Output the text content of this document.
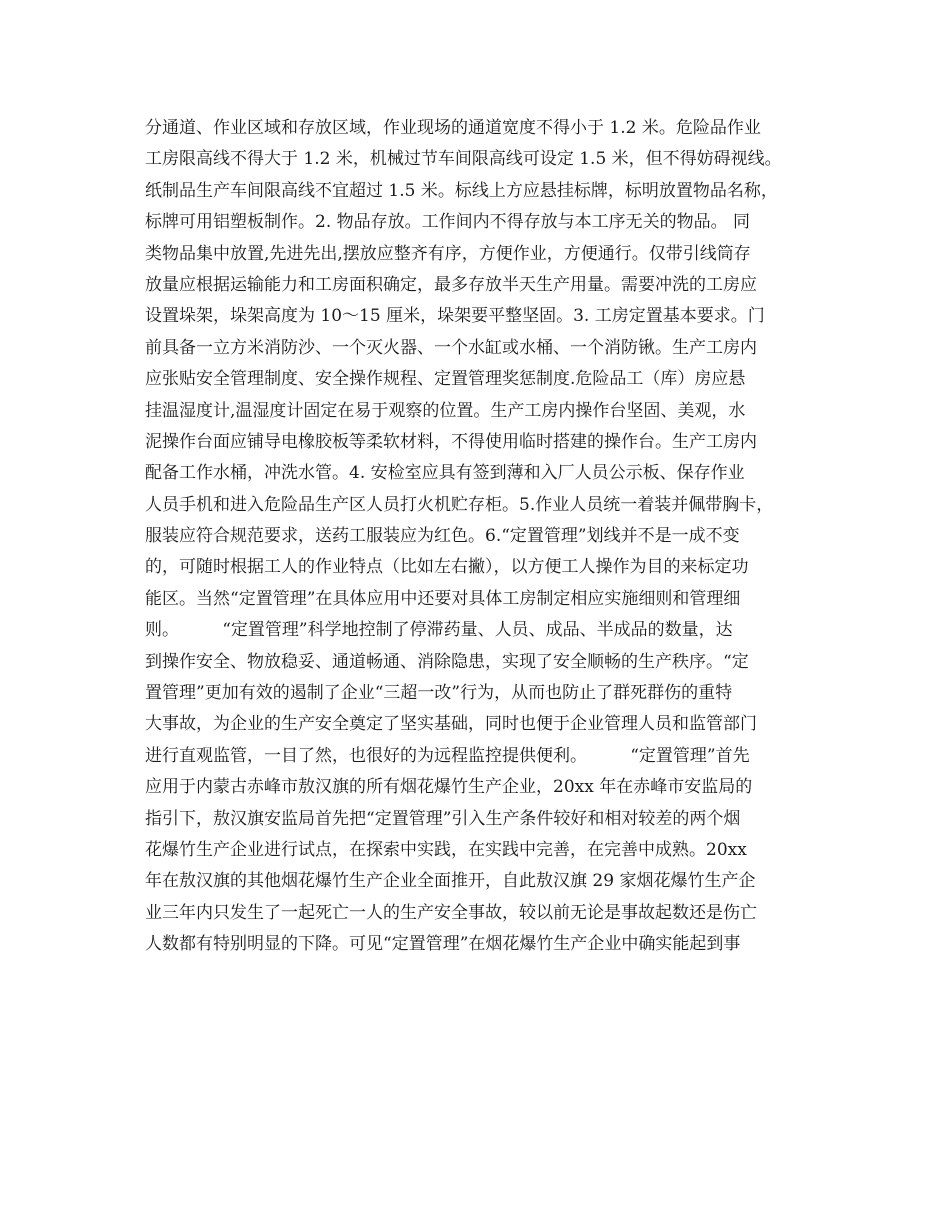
分通道、作业区域和存放区域，作业现场的通道宽度不得小于 1.2 米。危险品作业
工房限高线不得大于 1.2 米，机械过节车间限高线可设定 1.5 米，但不得妨碍视线。
纸制品生产车间限高线不宜超过 1.5 米。标线上方应悬挂标牌，标明放置物品名称，
标牌可用铝塑板制作。2. 物品存放。工作间内不得存放与本工序无关的物品。 同
类物品集中放置,先进先出,摆放应整齐有序，方便作业，方便通行。仅带引线筒存
放量应根据运输能力和工房面积确定，最多存放半天生产用量。需要冲洗的工房应
设置垛架，垛架高度为 10～15 厘米，垛架要平整坚固。3. 工房定置基本要求。门
前具备一立方米消防沙、一个灭火器、一个水缸或水桶、一个消防锹。生产工房内
应张贴安全管理制度、安全操作规程、定置管理奖惩制度.危险品工（库）房应悬
挂温湿度计,温湿度计固定在易于观察的位置。生产工房内操作台坚固、美观，水
泥操作台面应铺导电橡胶板等柔软材料，不得使用临时搭建的操作台。生产工房内
配备工作水桶，冲洗水管。4. 安检室应具有签到薄和入厂人员公示板、保存作业
人员手机和进入危险品生产区人员打火机贮存柜。5.作业人员统一着装并佩带胸卡，
服装应符合规范要求，送药工服装应为红色。6.“定置管理”划线并不是一成不变
的，可随时根据工人的作业特点（比如左右撇），以方便工人操作为目的来标定功
能区。当然“定置管理”在具体应用中还要对具体工房制定相应实施细则和管理细
则。        “定置管理”科学地控制了停滞药量、人员、成品、半成品的数量，达
到操作安全、物放稳妥、通道畅通、消除隐患，实现了安全顺畅的生产秩序。“定
置管理”更加有效的遏制了企业“三超一改”行为，从而也防止了群死群伤的重特
大事故，为企业的生产安全奠定了坚实基础，同时也便于企业管理人员和监管部门
进行直观监管，一目了然，也很好的为远程监控提供便利。        “定置管理”首先
应用于内蒙古赤峰市敖汉旗的所有烟花爆竹生产企业，20xx 年在赤峰市安监局的
指引下，敖汉旗安监局首先把“定置管理”引入生产条件较好和相对较差的两个烟
花爆竹生产企业进行试点，在探索中实践，在实践中完善，在完善中成熟。20xx
年在敖汉旗的其他烟花爆竹生产企业全面推开，自此敖汉旗 29 家烟花爆竹生产企
业三年内只发生了一起死亡一人的生产安全事故，较以前无论是事故起数还是伤亡
人数都有特别明显的下降。可见“定置管理”在烟花爆竹生产企业中确实能起到事
